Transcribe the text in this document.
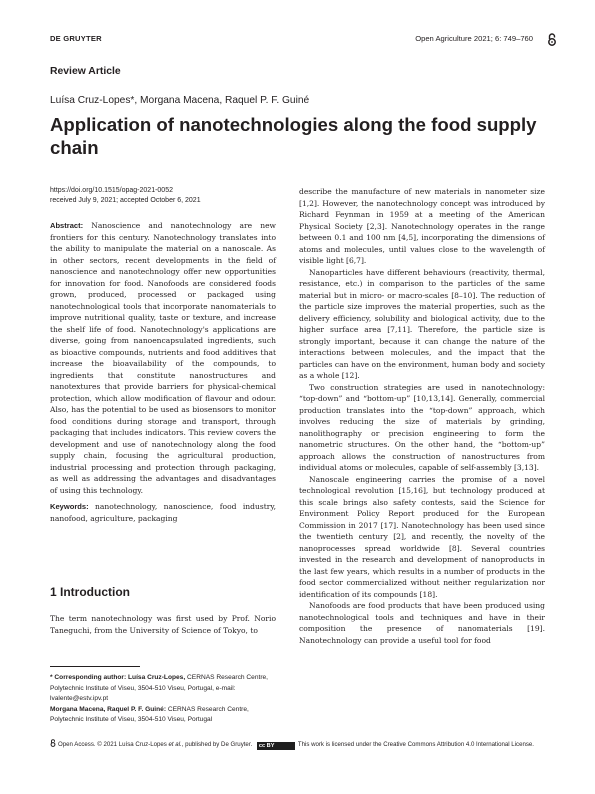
DE GRUYTER	Open Agriculture 2021; 6: 749–760
Review Article
Luísa Cruz-Lopes*, Morgana Macena, Raquel P. F. Guiné
Application of nanotechnologies along the food supply chain
https://doi.org/10.1515/opag-2021-0052
received July 9, 2021; accepted October 6, 2021

Abstract: Nanoscience and nanotechnology are new frontiers for this century. Nanotechnology translates into the ability to manipulate the material on a nanoscale. As in other sectors, recent developments in the field of nanoscience and nanotechnology offer new opportunities for innovation for food. Nanofoods are considered foods grown, produced, processed or packaged using nanotechnological tools that incorporate nanomaterials to improve nutritional quality, taste or texture, and increase the shelf life of food. Nanotechnology's applications are diverse, going from nanoencapsulated ingredients, such as bioactive compounds, nutrients and food additives that increase the bioavailability of the compounds, to ingredients that constitute nanostructures and nanotextures that provide barriers for physical-chemical protection, which allow modification of flavour and odour. Also, has the potential to be used as biosensors to monitor food conditions during storage and transport, through packaging that includes indicators. This review covers the development and use of nanotechnology along the food supply chain, focusing the agricultural production, industrial processing and protection through packaging, as well as addressing the advantages and disadvantages of using this technology.

Keywords: nanotechnology, nanoscience, food industry, nanofood, agriculture, packaging

1 Introduction

The term nanotechnology was first used by Prof. Norio Taneguchi, from the University of Science of Tokyo, to

* Corresponding author: Luísa Cruz-Lopes, CERNAS Research Centre, Polytechnic Institute of Viseu, 3504-510 Viseu, Portugal, e-mail: lvalente@estv.ipv.pt

Morgana Macena, Raquel P. F. Guiné: CERNAS Research Centre, Polytechnic Institute of Viseu, 3504-510 Viseu, Portugal

describe the manufacture of new materials in nanometer size [1,2]. However, the nanotechnology concept was introduced by Richard Feynman in 1959 at a meeting of the American Physical Society [2,3]. Nanotechnology operates in the range between 0.1 and 100 nm [4,5], incorporating the dimensions of atoms and molecules, until values close to the wavelength of visible light [6,7].

Nanoparticles have different behaviours (reactivity, thermal, resistance, etc.) in comparison to the particles of the same material but in micro- or macro-scales [8–10]. The reduction of the particle size improves the material properties, such as the delivery efficiency, solubility and biological activity, due to the higher surface area [7,11]. Therefore, the particle size is strongly important, because it can change the nature of the interactions between molecules, and the impact that the particles can have on the environment, human body and society as a whole [12].

Two construction strategies are used in nanotechnology: “top-down” and “bottom-up” [10,13,14]. Generally, commercial production translates into the “top-down” approach, which involves reducing the size of materials by grinding, nanolithography or precision engineering to form the nanometric structures. On the other hand, the “bottom-up” approach allows the construction of nanostructures from individual atoms or molecules, capable of self-assembly [3,13].

Nanoscale engineering carries the promise of a novel technological revolution [15,16], but technology produced at this scale brings also safety contests, said the Science for Environment Policy Report produced for the European Commission in 2017 [17]. Nanotechnology has been used since the twentieth century [2], and recently, the novelty of the nanoprocesses spread worldwide [8]. Several countries invested in the research and development of nanoproducts in the last few years, which results in a number of products in the food sector commercialized without neither regularization nor identification of its compounds [18].

Nanofoods are food products that have been produced using nanotechnological tools and techniques and have in their composition the presence of nanomaterials [19]. Nanotechnology can provide a useful tool for food

Open Access. © 2021 Luísa Cruz-Lopes et al., published by De Gruyter. cc BY	This work is licensed under the Creative Commons Attribution 4.0 International License.
